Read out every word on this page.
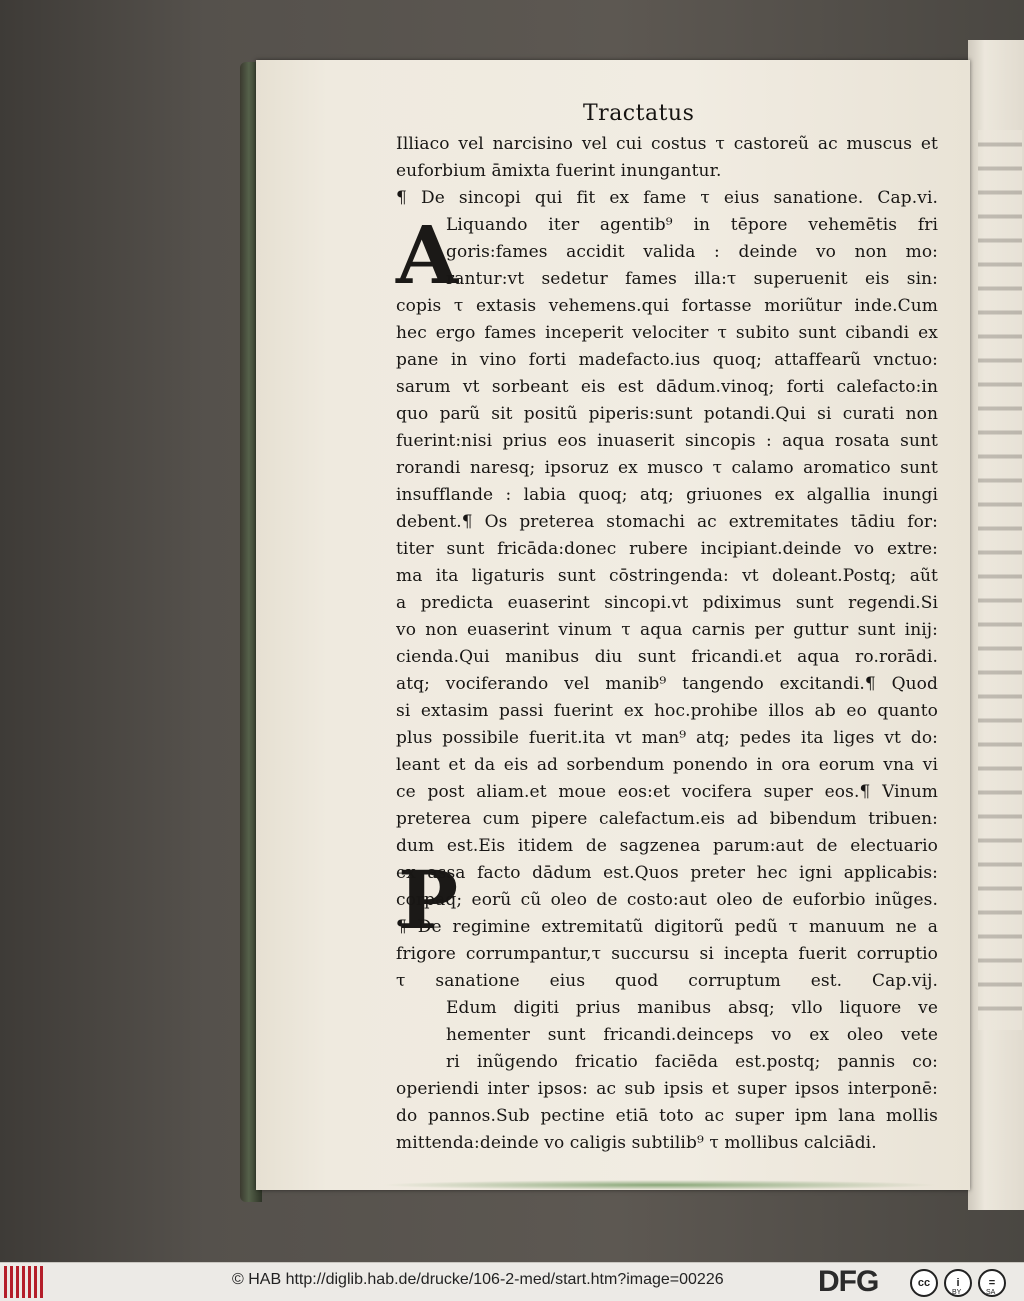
Tractatus
A
P
Illiaco vel narcisino vel cui costus τ castoreũ ac muscus et
euforbium āmixta fuerint inungantur.
¶ De sincopi qui fit ex fame τ eius sanatione. Cap.vi.
Liquando iter agentib⁹ in tēpore vehemētis fri
goris:fames accidit valida : deinde vo non mo:
rantur:vt sedetur fames illa:τ superuenit eis sin:
copis τ extasis vehemens.qui fortasse moriũtur inde.Cum
hec ergo fames inceperit velociter τ subito sunt cibandi ex
pane in vino forti madefacto.ius quoq; attaffearũ vnctuo:
sarum vt sorbeant eis est dādum.vinoq; forti calefacto:in
quo parũ sit positũ piperis:sunt potandi.Qui si curati non
fuerint:nisi prius eos inuaserit sincopis : aqua rosata sunt
rorandi naresq; ipsoruz ex musco τ calamo aromatico sunt
insufflande : labia quoq; atq; griuones ex algallia inungi
debent.¶ Os preterea stomachi ac extremitates tādiu for:
titer sunt fricāda:donec rubere incipiant.deinde vo extre:
ma ita ligaturis sunt cōstringenda: vt doleant.Postq; aũt
a predicta euaserint sincopi.vt pdiximus sunt regendi.Si
vo non euaserint vinum τ aqua carnis per guttur sunt inij:
cienda.Qui manibus diu sunt fricandi.et aqua ro.rorādi.
atq; vociferando vel manib⁹ tangendo excitandi.¶ Quod
si extasim passi fuerint ex hoc.prohibe illos ab eo quanto
plus possibile fuerit.ita vt man⁹ atq; pedes ita liges vt do:
leant et da eis ad sorbendum ponendo in ora eorum vna vi
ce post aliam.et moue eos:et vocifera super eos.¶ Vinum
preterea cum pipere calefactum.eis ad bibendum tribuen:
dum est.Eis itidem de sagzenea parum:aut de electuario
ex assa facto dādum est.Quos preter hec igni applicabis:
corpaq; eorũ cũ oleo de costo:aut oleo de euforbio inũges.
¶ De regimine extremitatũ digitorũ pedũ τ manuum ne a
frigore corrumpantur,τ succursu si incepta fuerit corruptio
τ sanatione eius quod corruptum est. Cap.vij.
Edum digiti prius manibus absq; vllo liquore ve
hementer sunt fricandi.deinceps vo ex oleo vete
ri inũgendo fricatio faciēda est.postq; pannis co:
operiendi inter ipsos: ac sub ipsis et super ipsos interponē:
do pannos.Sub pectine etiā toto ac super ipm lana mollis
mittenda:deinde vo caligis subtilib⁹ τ mollibus calciādi.
© HAB http://diglib.hab.de/drucke/106-2-med/start.htm?image=00226	DFG	cc	i	=
BY	SA
